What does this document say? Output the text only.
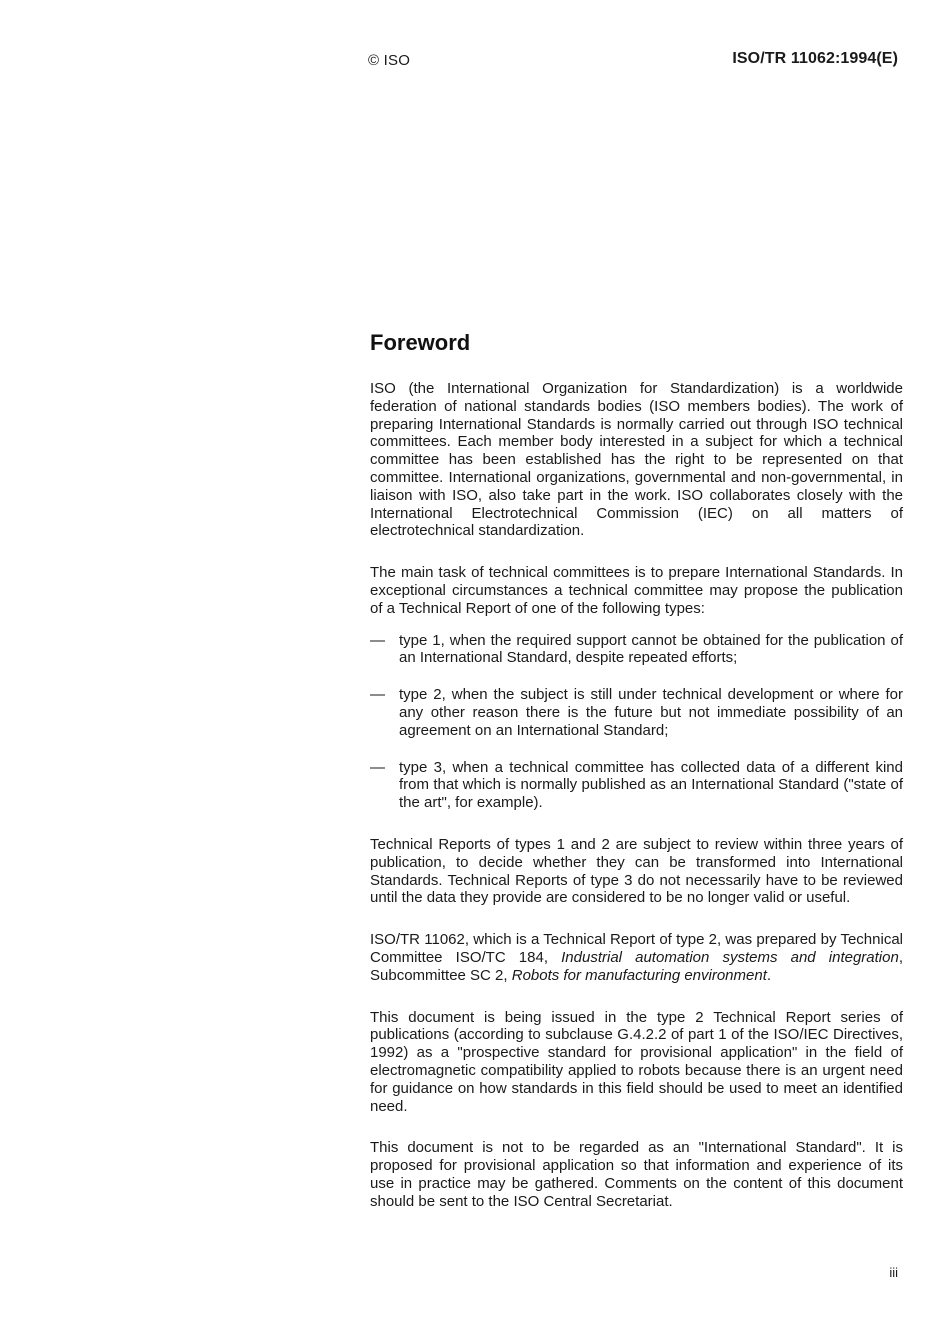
© ISO	ISO/TR 11062:1994(E)
Foreword

ISO (the International Organization for Standardization) is a worldwide federation of national standards bodies (ISO members bodies). The work of preparing International Standards is normally carried out through ISO technical committees. Each member body interested in a subject for which a technical committee has been established has the right to be represented on that committee. International organizations, governmental and non-governmental, in liaison with ISO, also take part in the work. ISO collaborates closely with the International Electrotechnical Commission (IEC) on all matters of electrotechnical standardization.

The main task of technical committees is to prepare International Standards. In exceptional circumstances a technical committee may propose the publication of a Technical Report of one of the following types:

— type 1, when the required support cannot be obtained for the publication of an International Standard, despite repeated efforts;
— type 2, when the subject is still under technical development or where for any other reason there is the future but not immediate possibility of an agreement on an International Standard;
— type 3, when a technical committee has collected data of a different kind from that which is normally published as an International Standard ("state of the art", for example).

Technical Reports of types 1 and 2 are subject to review within three years of publication, to decide whether they can be transformed into International Standards. Technical Reports of type 3 do not necessarily have to be reviewed until the data they provide are considered to be no longer valid or useful.

ISO/TR 11062, which is a Technical Report of type 2, was prepared by Technical Committee ISO/TC 184, Industrial automation systems and integration, Subcommittee SC 2, Robots for manufacturing environment.

This document is being issued in the type 2 Technical Report series of publications (according to subclause G.4.2.2 of part 1 of the ISO/IEC Directives, 1992) as a "prospective standard for provisional application" in the field of electromagnetic compatibility applied to robots because there is an urgent need for guidance on how standards in this field should be used to meet an identified need.

This document is not to be regarded as an "International Standard". It is proposed for provisional application so that information and experience of its use in practice may be gathered. Comments on the content of this document should be sent to the ISO Central Secretariat.

iii
